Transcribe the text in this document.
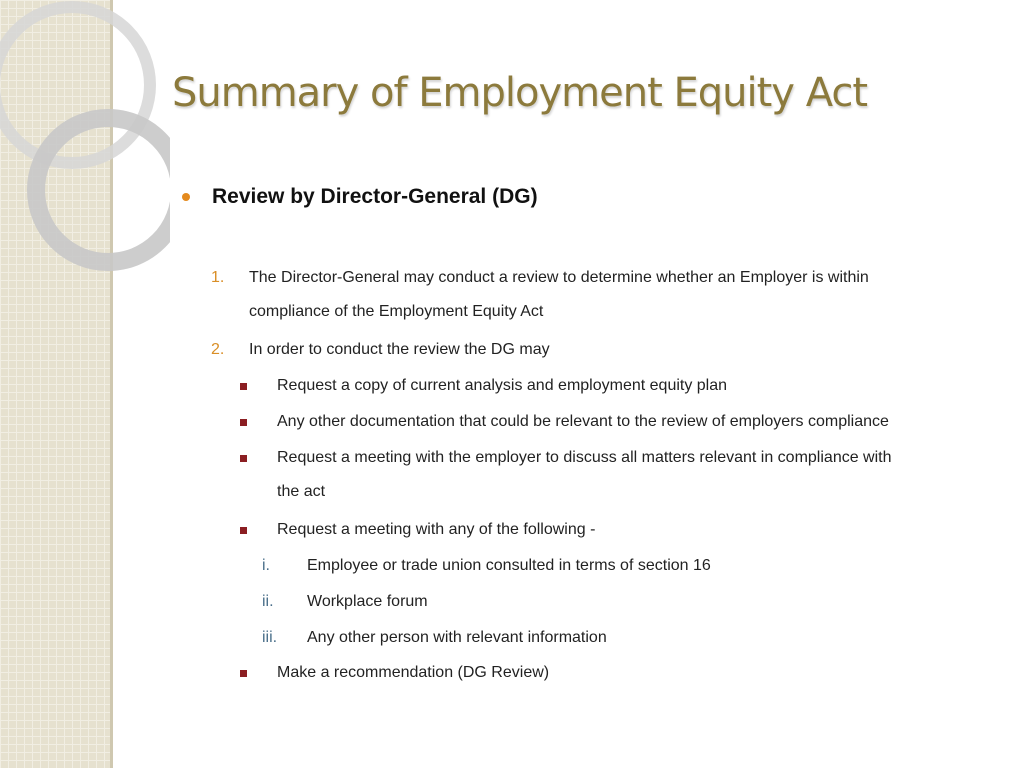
Summary of Employment Equity Act
Review by Director-General (DG)
1.	The Director-General may conduct a review to determine whether an Employer is within
compliance of the Employment Equity Act
2.	In order to conduct the review the DG may
Request a copy of current analysis and employment equity plan
Any other documentation that could be relevant to the review of employers compliance
Request a meeting with the employer to discuss all matters relevant in compliance with
the act
Request a meeting with any of the following -
i.	Employee or trade union consulted in terms of section 16
ii.	Workplace forum
iii.	Any other person with relevant information
Make a recommendation (DG Review)
